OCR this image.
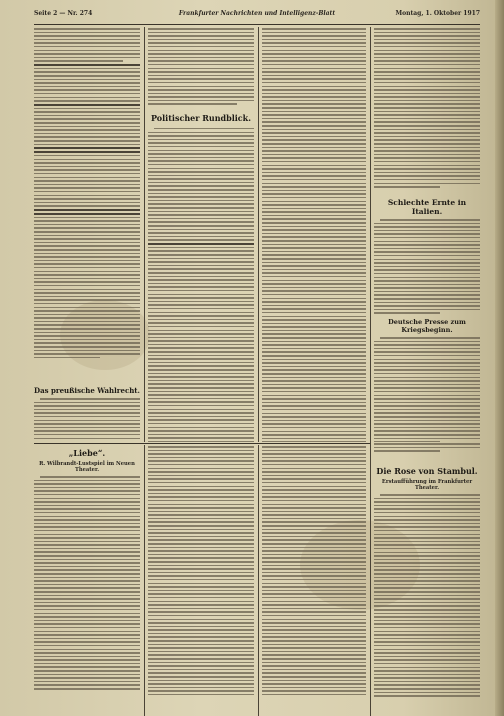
Seite 2 — Nr. 274	Frankfurter Nachrichten und Intelligenz-Blatt	Montag, 1. Oktober 1917
Das preußische Wahlrecht.
Politischer Rundblick.
Schlechte Ernte in Italien.
Deutsche Presse zum Kriegsbeginn.
Die Rose von Stambul.
Erstaufführung im Frankfurter Theater.
„Liebe“.
R. Wilbrandt-Lustspiel im Neuen Theater.
